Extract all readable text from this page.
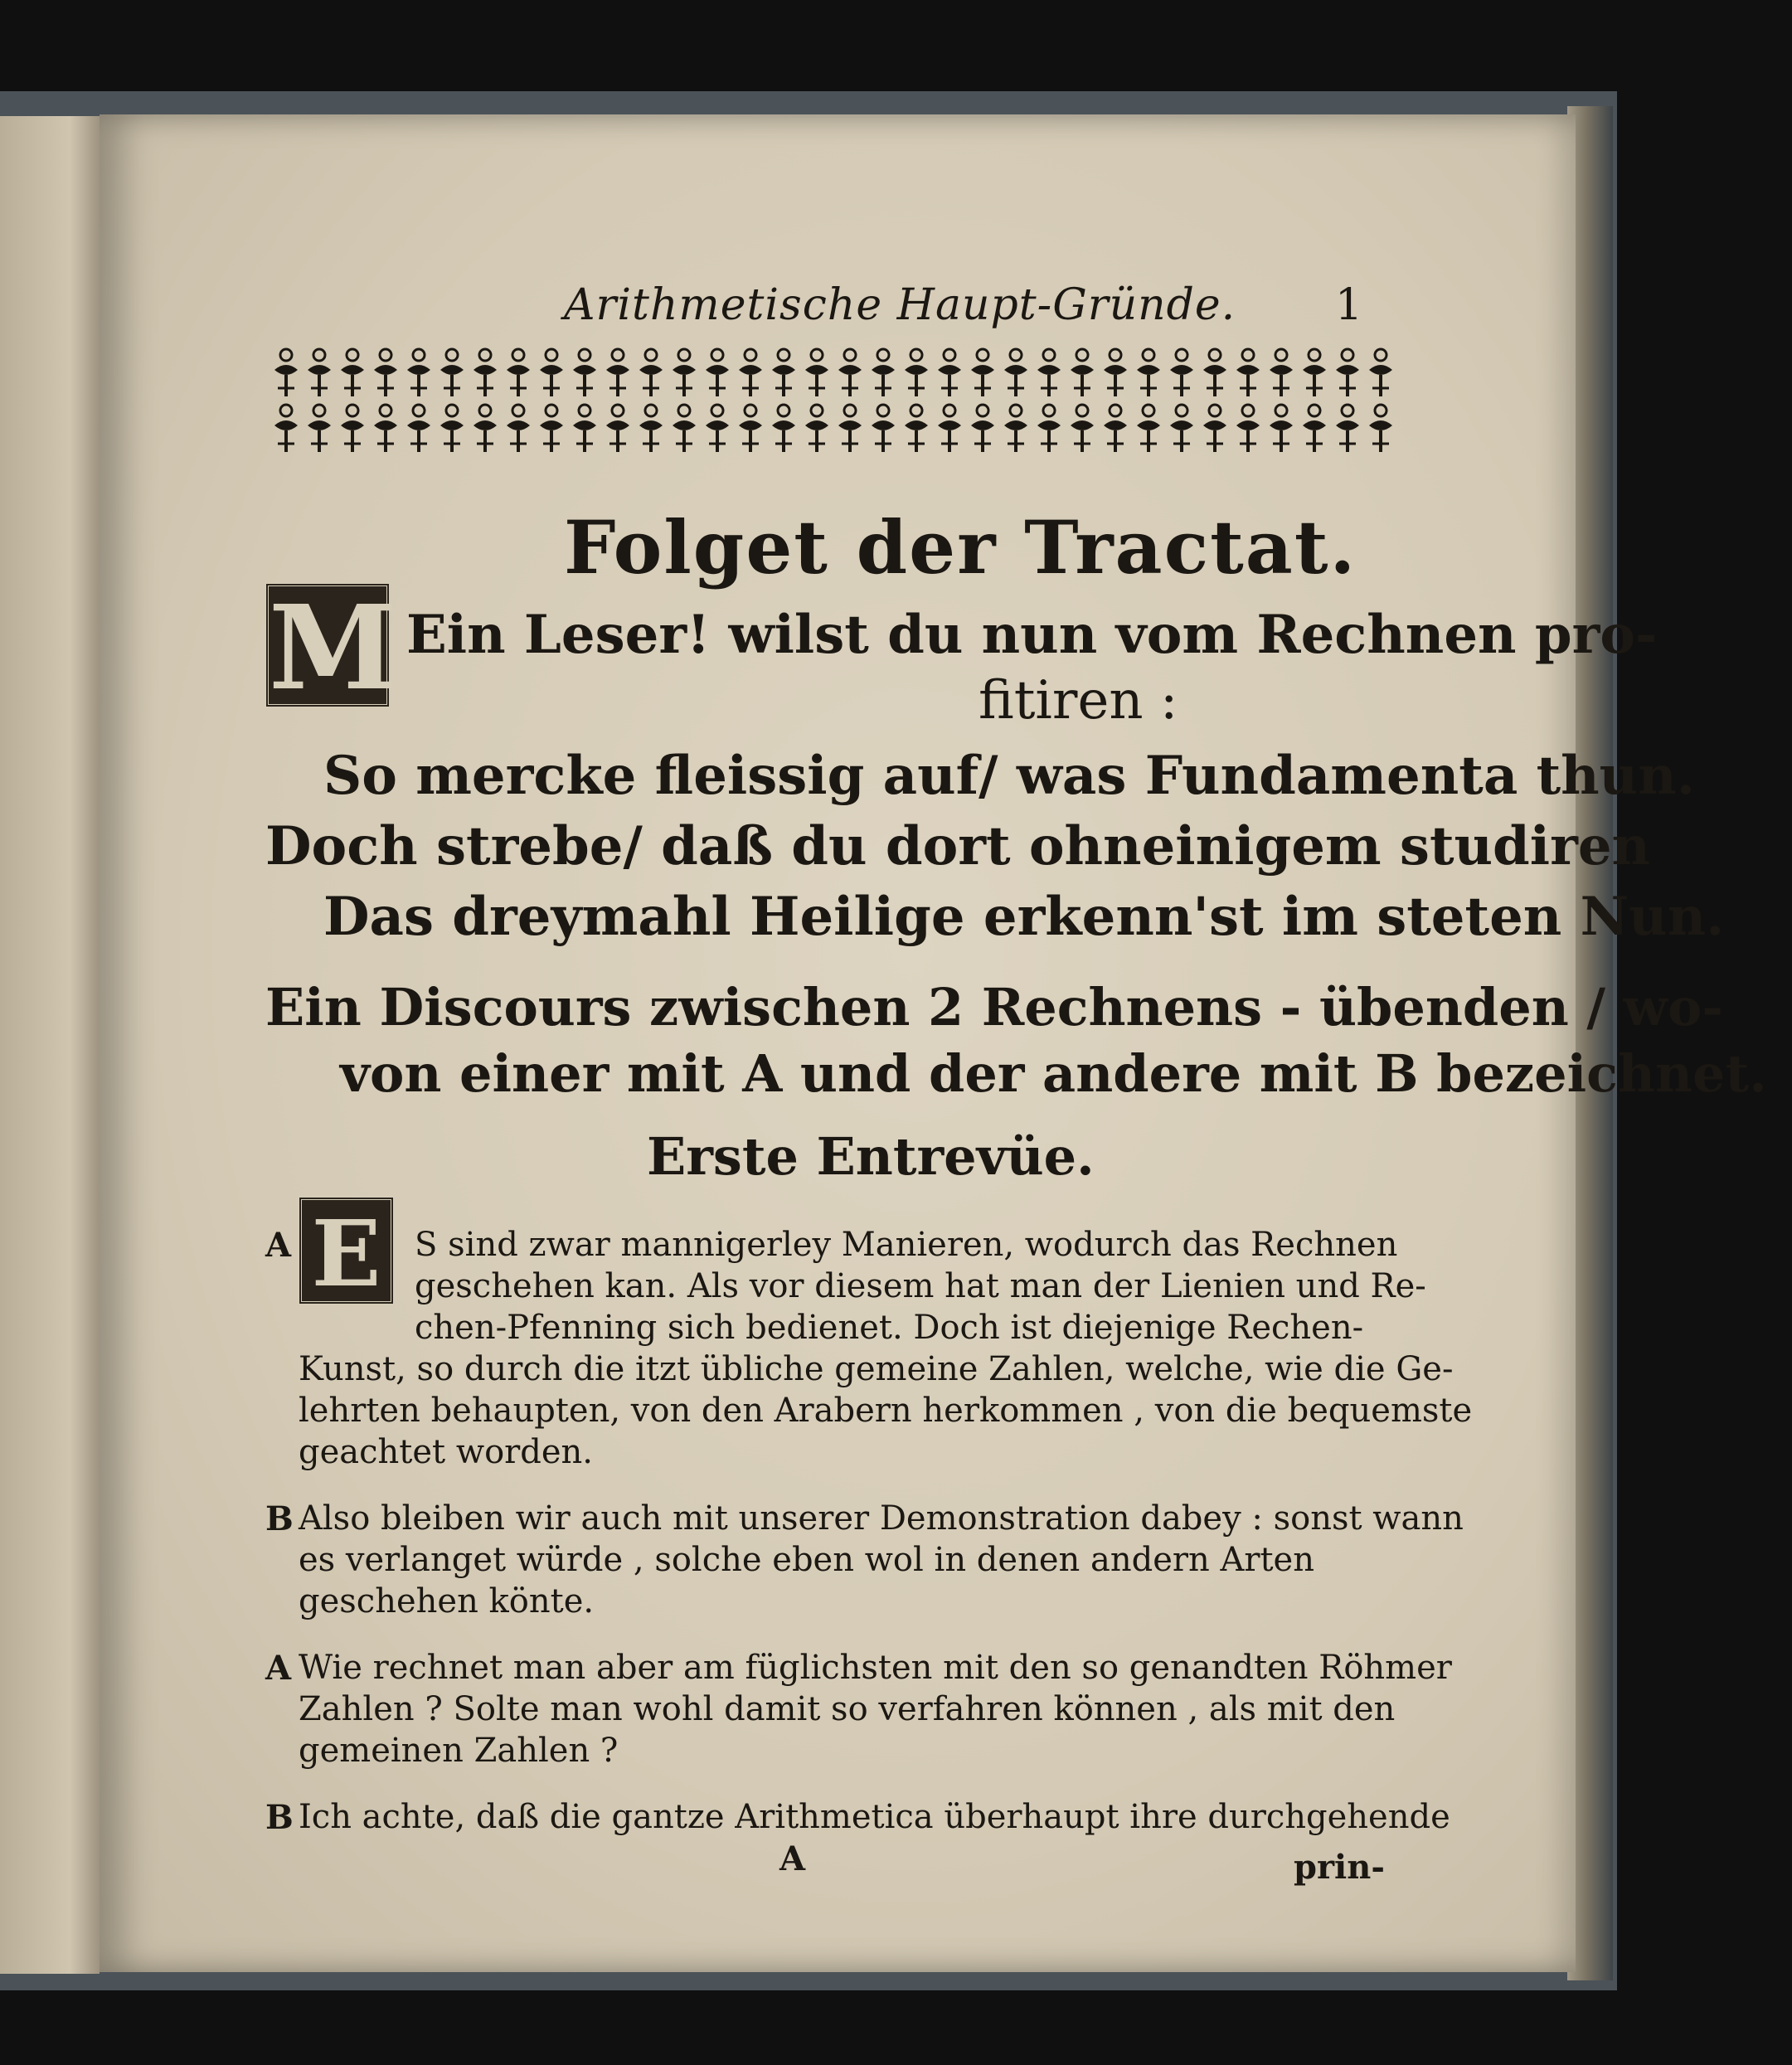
Arithmetische Haupt-Gründe. 1
Folget der Tractat.
M Ein Leser! wilst du nun vom Rechnen pro-
fitiren :
So mercke fleissig auf/ was Fundamenta thun.
Doch strebe/ daß du dort ohneinigem studiren
Das dreymahl Heilige erkenn'st im steten Nun.
Ein Discours zwischen 2 Rechnens - übenden / wo-
von einer mit A und der andere mit B bezeichnet.
Erste Entrevüe.
A E	S sind zwar mannigerley Manieren, wodurch das Rechnen
geschehen kan. Als vor diesem hat man der Lienien und Re-
chen-Pfenning sich bedienet. Doch ist diejenige Rechen-
Kunst, so durch die itzt übliche gemeine Zahlen, welche, wie die Ge-
lehrten behaupten, von den Arabern herkommen , von die bequemste
geachtet worden.
B Also bleiben wir auch mit unserer Demonstration dabey : sonst wann
es verlanget würde , solche eben wol in denen andern Arten
geschehen könte.
A Wie rechnet man aber am füglichsten mit den so genandten Röhmer
Zahlen ? Solte man wohl damit so verfahren können , als mit den
gemeinen Zahlen ?
B Ich achte, daß die gantze Arithmetica überhaupt ihre durchgehende
A	prin-
